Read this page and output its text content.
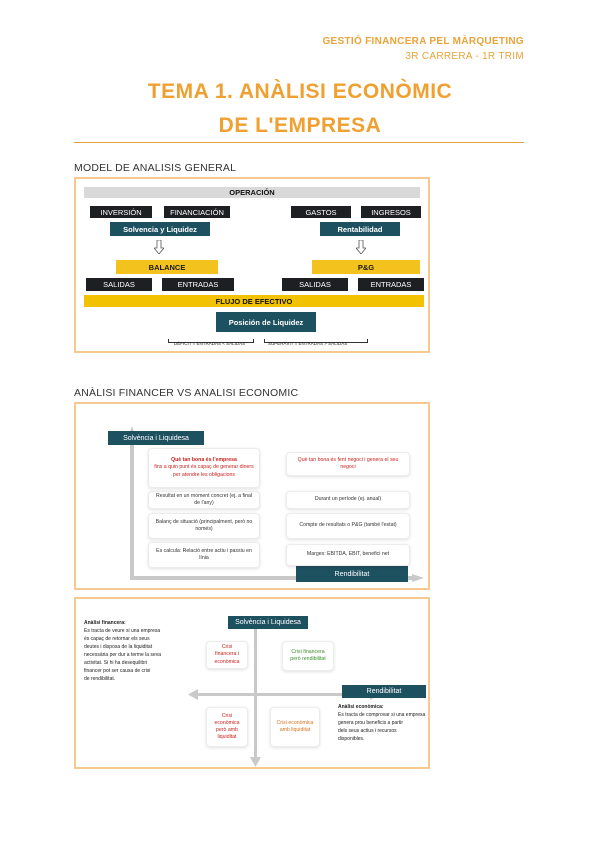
GESTIÓ FINANCERA PEL MÀRQUETING
3R CARRERA - 1R TRIM
TEMA 1. ANÀLISI ECONÒMIC
DE L'EMPRESA
MODEL DE ANALISIS GENERAL
OPERACIÓN
INVERSIÓN	FINANCIACIÓN	GASTOS	INGRESOS
Solvencia y Liquidez	Rentabilidad
BALANCE	P&G
SALIDAS	ENTRADAS	SALIDAS	ENTRADAS
FLUJO DE EFECTIVO
Posición de Liquidez
DÈFICIT = ENTRADAS < SALIDAS	SUPERÀVIT = ENTRADAS > SALIDAS
ANÀLISI FINANCER VS ANALISI ECONOMIC
Solvència i Liquidesa
Rendibilitat
Què tan bona és l'empresa
fins a quin punt és capaç de generar diners per atendre les obligacions
Què tan bona és fent negoci i genera el seu negoci
Resultat en un moment concret (ej. a final de l'any)
Durant un període (ej. anual)
Balanç de situació (principalment, però no només)
Compte de resultats o P&G (també l'estat)
Es calcula: Relació entre actiu i passiu en línia
Marges: EBITDA, EBIT, benefici net
Solvència i Liquidesa
Rendibilitat
Anàlisi financera:
Es tracta de veure si una empresa
és capaç de retornar els seus
deutes i disposa de la liquiditat
necessària per dur a terme la seva
activitat. Si hi ha desequilibri
financer pot ser causa de crisi
de rendibilitat.
Anàlisi econòmica:
Es tracta de comprovar si una empresa
genera prou beneficis a partir
dels seus actius i recursos
disponibles.
Crisi financera i econòmica
Crisi financera però rendibilitat
Crisi econòmica però amb liquiditat
Crisi econòmica amb liquiditat
